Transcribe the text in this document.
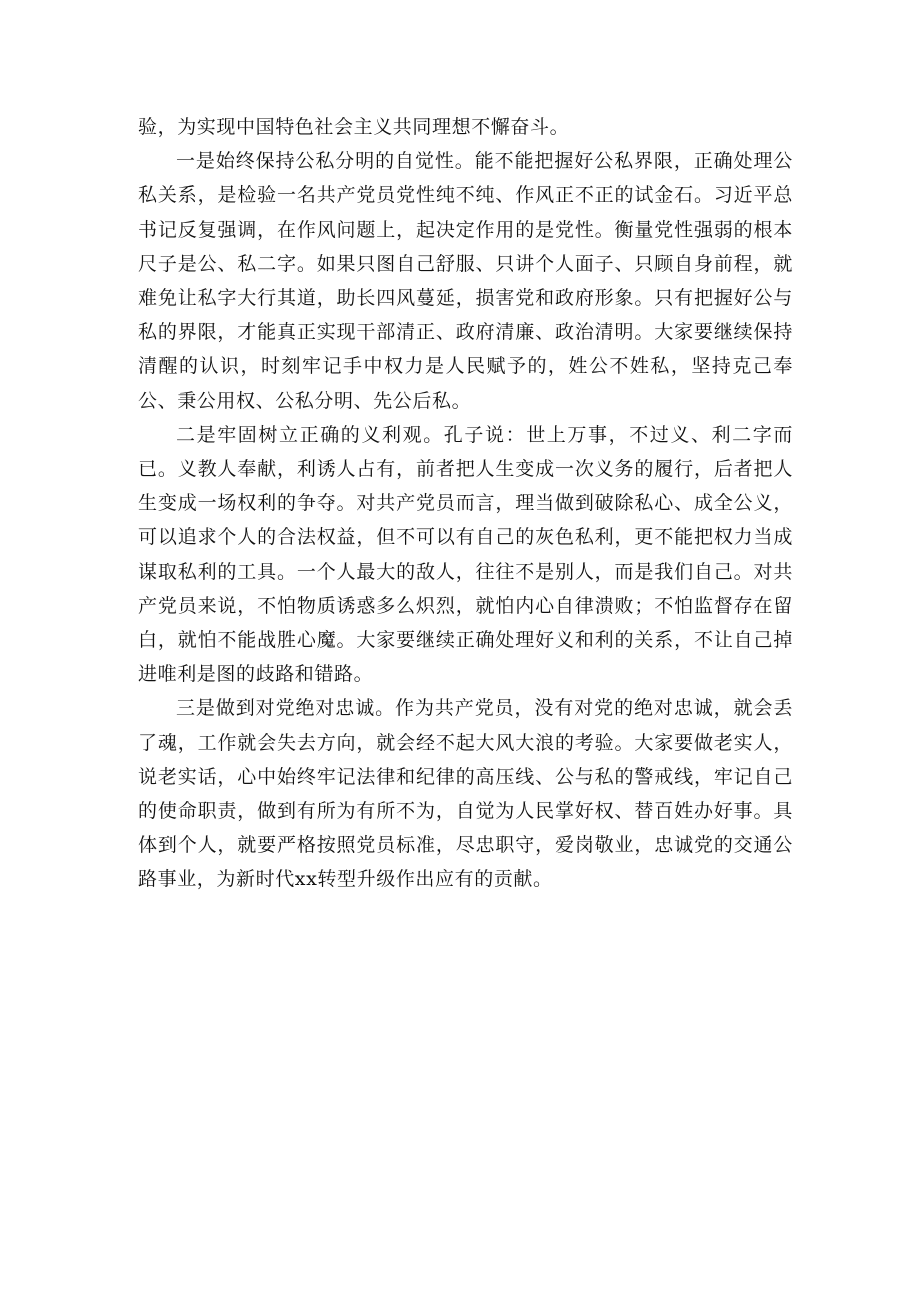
验，为实现中国特色社会主义共同理想不懈奋斗。

一是始终保持公私分明的自觉性。能不能把握好公私界限，正确处理公私关系，是检验一名共产党员党性纯不纯、作风正不正的试金石。习近平总书记反复强调，在作风问题上，起决定作用的是党性。衡量党性强弱的根本尺子是公、私二字。如果只图自己舒服、只讲个人面子、只顾自身前程，就难免让私字大行其道，助长四风蔓延，损害党和政府形象。只有把握好公与私的界限，才能真正实现干部清正、政府清廉、政治清明。大家要继续保持清醒的认识，时刻牢记手中权力是人民赋予的，姓公不姓私，坚持克己奉公、秉公用权、公私分明、先公后私。

二是牢固树立正确的义利观。孔子说：世上万事，不过义、利二字而已。义教人奉献，利诱人占有，前者把人生变成一次义务的履行，后者把人生变成一场权利的争夺。对共产党员而言，理当做到破除私心、成全公义，可以追求个人的合法权益，但不可以有自己的灰色私利，更不能把权力当成谋取私利的工具。一个人最大的敌人，往往不是别人，而是我们自己。对共产党员来说，不怕物质诱惑多么炽烈，就怕内心自律溃败；不怕监督存在留白，就怕不能战胜心魔。大家要继续正确处理好义和利的关系，不让自己掉进唯利是图的歧路和错路。

三是做到对党绝对忠诚。作为共产党员，没有对党的绝对忠诚，就会丢了魂，工作就会失去方向，就会经不起大风大浪的考验。大家要做老实人，说老实话，心中始终牢记法律和纪律的高压线、公与私的警戒线，牢记自己的使命职责，做到有所为有所不为，自觉为人民掌好权、替百姓办好事。具体到个人，就要严格按照党员标准，尽忠职守，爱岗敬业，忠诚党的交通公路事业，为新时代xx转型升级作出应有的贡献。
